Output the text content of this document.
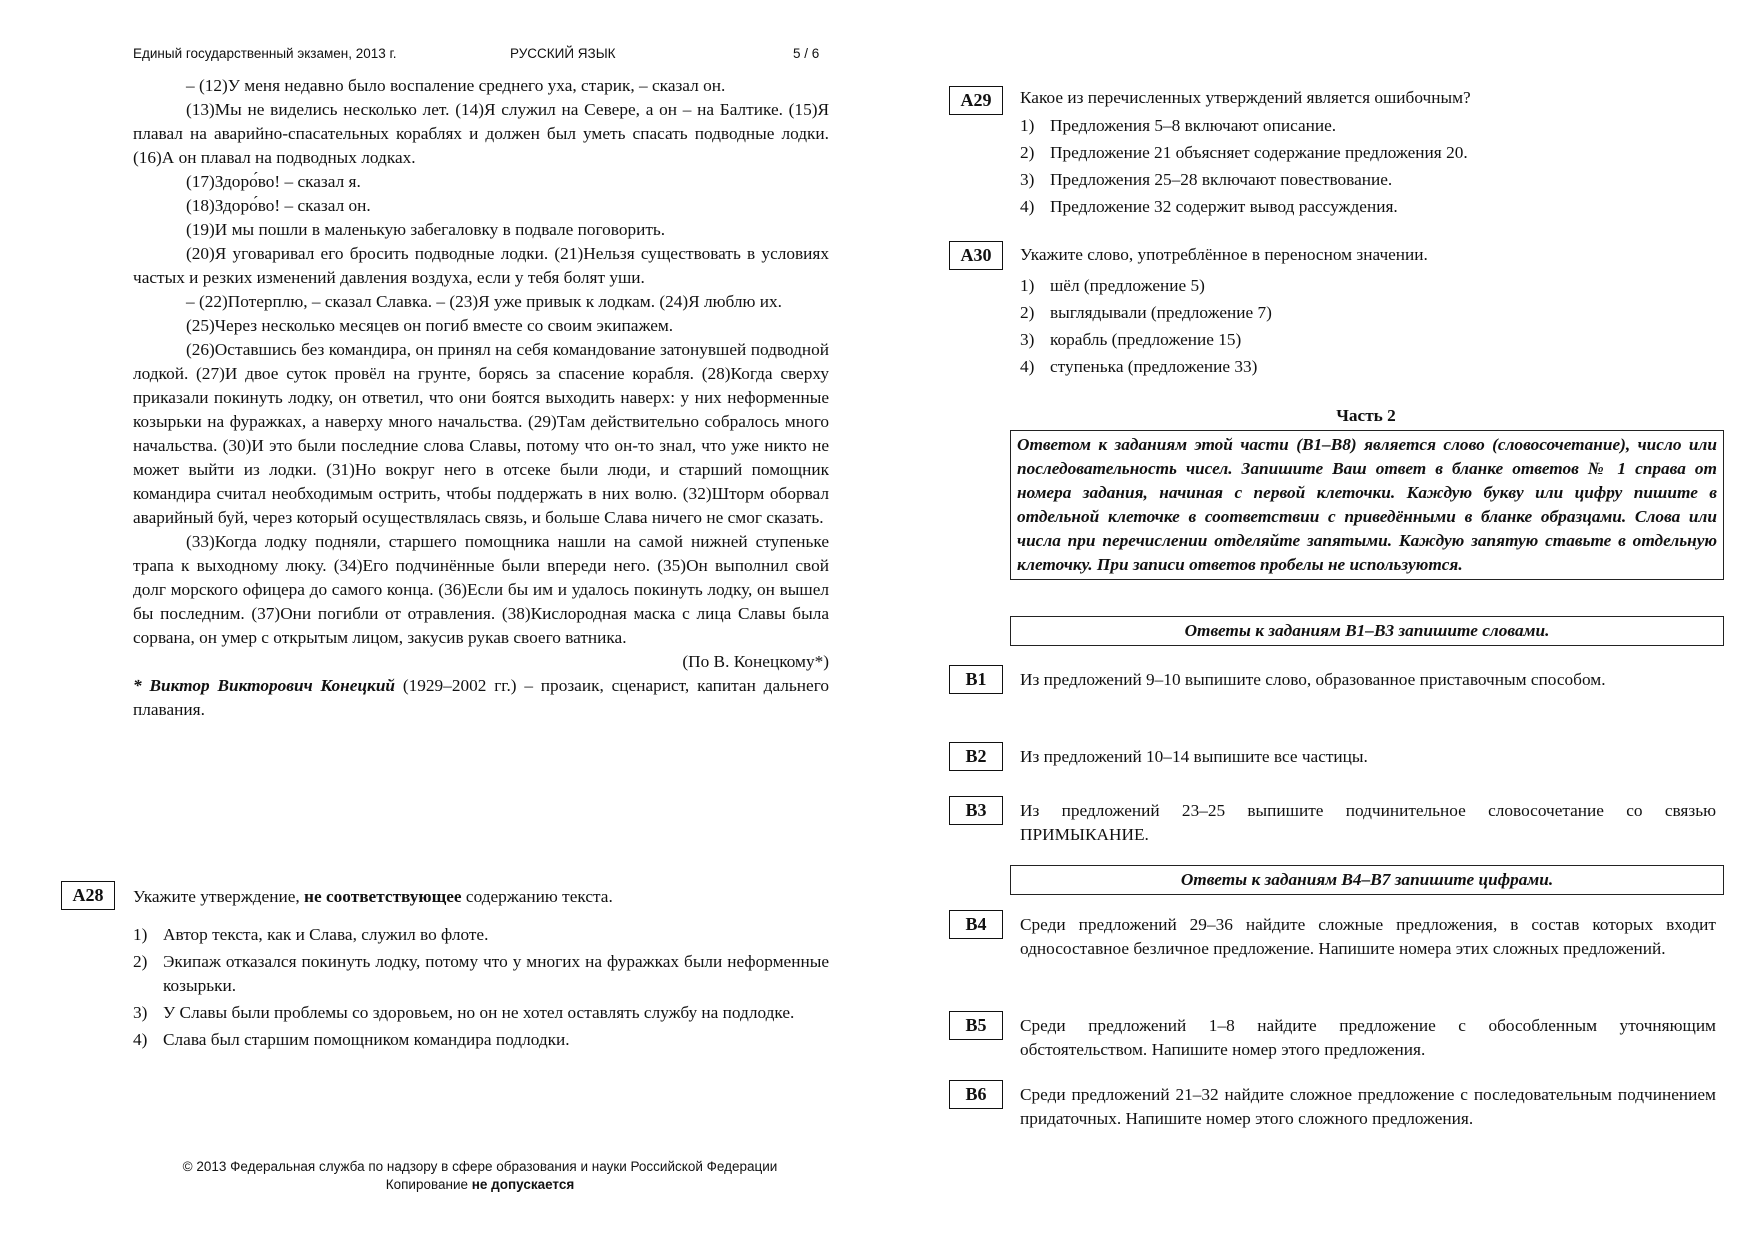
Единый государственный экзамен, 2013 г.	РУССКИЙ ЯЗЫК	5 / 6

– (12)У меня недавно было воспаление среднего уха, старик, – сказал он.

(13)Мы не виделись несколько лет. (14)Я служил на Севере, а он – на Балтике. (15)Я плавал на аварийно-спасательных кораблях и должен был уметь спасать подводные лодки. (16)А он плавал на подводных лодках.

(17)Здоро́во! – сказал я.

(18)Здоро́во! – сказал он.

(19)И мы пошли в маленькую забегаловку в подвале поговорить.

(20)Я уговаривал его бросить подводные лодки. (21)Нельзя существовать в условиях частых и резких изменений давления воздуха, если у тебя болят уши.

– (22)Потерплю, – сказал Славка. – (23)Я уже привык к лодкам. (24)Я люблю их.

(25)Через несколько месяцев он погиб вместе со своим экипажем.

(26)Оставшись без командира, он принял на себя командование затонувшей подводной лодкой. (27)И двое суток провёл на грунте, борясь за спасение корабля. (28)Когда сверху приказали покинуть лодку, он ответил, что они боятся выходить наверх: у них неформенные козырьки на фуражках, а наверху много начальства. (29)Там действительно собралось много начальства. (30)И это были последние слова Славы, потому что он-то знал, что уже никто не может выйти из лодки. (31)Но вокруг него в отсеке были люди, и старший помощник командира считал необходимым острить, чтобы поддержать в них волю. (32)Шторм оборвал аварийный буй, через который осуществлялась связь, и больше Слава ничего не смог сказать.

(33)Когда лодку подняли, старшего помощника нашли на самой нижней ступеньке трапа к выходному люку. (34)Его подчинённые были впереди него. (35)Он выполнил свой долг морского офицера до самого конца. (36)Если бы им и удалось покинуть лодку, он вышел бы последним. (37)Они погибли от отравления. (38)Кислородная маска с лица Славы была сорвана, он умер с открытым лицом, закусив рукав своего ватника.

(По В. Конецкому*)

* Виктор Викторович Конецкий (1929–2002 гг.) – прозаик, сценарист, капитан дальнего плавания.

A28	Укажите утверждение, не соответствующее содержанию текста.

1) Автор текста, как и Слава, служил во флоте.
2) Экипаж отказался покинуть лодку, потому что у многих на фуражках были неформенные козырьки.
3) У Славы были проблемы со здоровьем, но он не хотел оставлять службу на подлодке.
4) Слава был старшим помощником командира подлодки.
© 2013 Федеральная служба по надзору в сфере образования и науки Российской Федерации
Копирование не допускается
A29	Какое из перечисленных утверждений является ошибочным?

1) Предложения 5–8 включают описание.
2) Предложение 21 объясняет содержание предложения 20.
3) Предложения 25–28 включают повествование.
4) Предложение 32 содержит вывод рассуждения.
A30	Укажите слово, употреблённое в переносном значении.

1) шёл (предложение 5)
2) выглядывали (предложение 7)
3) корабль (предложение 15)
4) ступенька (предложение 33)
Часть 2

Ответом к заданиям этой части (B1–B8) является слово (словосочетание), число или последовательность чисел. Запишите Ваш ответ в бланке ответов № 1 справа от номера задания, начиная с первой клеточки. Каждую букву или цифру пишите в отдельной клеточке в соответствии с приведёнными в бланке образцами. Слова или числа при перечислении отделяйте запятыми. Каждую запятую ставьте в отдельную клеточку. При записи ответов пробелы не используются.

Ответы к заданиям B1–B3 запишите словами.
B1	Из предложений 9–10 выпишите слово, образованное приставочным способом.

B2	Из предложений 10–14 выпишите все частицы.

B3	Из предложений 23–25 выпишите подчинительное словосочетание со связью ПРИМЫКАНИЕ.

Ответы к заданиям B4–B7 запишите цифрами.
B4	Среди предложений 29–36 найдите сложные предложения, в состав которых входит односоставное безличное предложение. Напишите номера этих сложных предложений.

B5	Среди предложений 1–8 найдите предложение с обособленным уточняющим обстоятельством. Напишите номер этого предложения.

B6	Среди предложений 21–32 найдите сложное предложение с последовательным подчинением придаточных. Напишите номер этого сложного предложения.
